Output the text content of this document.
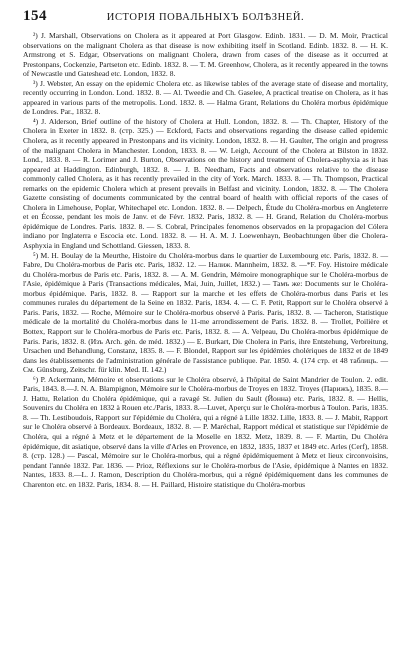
154	ИСТОРІЯ ПОВАЛЬНЫХЪ БОЛѢЗНЕЙ.

²) J. Marshall, Observations on Cholera as it appeared at Port Glasgow. Edinb. 1831. — D. M. Moir, Practical observations on the malignant Cholera as that disease is now exhibiting itself in Scotland. Edinb. 1832. 8. — H. K. Armstrong et S. Edgar, Observations on malignant Cholera, drawn from cases of the disease as it occurred at Prestonpans, Cockenzie, Partseton etc. Edinb. 1832. 8. — T. M. Greenhow, Cholera, as it recently appeared in the towns of Newcastle und Gateshead etc. London, 1832. 8.

³) J. Webster, An essay on the epidemic Cholera etc. as likewise tables of the average state of disease and mortality, recently occurring in London. Lond. 1832. 8. — Al. Tweedie and Ch. Gaselee, A practical treatise on Cholera, as it has appeared in various parts of the metropolis. Lond. 1832. 8. — Halma Grant, Relations du Choléra morbus épidémique de Londres. Par., 1832. 8.

⁴) J. Alderson, Brief outline of the history of Cholera at Hull. London, 1832. 8. — Th. Chapter, History of the Cholera in Exeter in 1832. 8. (стр. 325.) — Eckford, Facts and observations regarding the disease called epidemic Cholera, as it recently appeared in Prestonpans and its vicinity. London, 1832. 8. — H. Gaulter, The origin and progress of the malignant Cholera in Manchester. London, 1833. 8. — W. Leigh, Account of the Cholera at Bilston in 1832. Lond., 1833. 8. — R. Lorimer and J. Burton, Observations on the history and treatment of Cholera-asphyxia as it has appeared at Haddington. Edinburgh, 1832. 8. — J. B. Needham, Facts and observations relative to the disease commonly called Cholera, as it has recently prevailed in the city of York. March. 1833. 8. — Th. Thompson, Practical remarks on the epidemic Cholera which at present prevails in Belfast and vicinity. London, 1832. 8. — The Cholera Gazette consisting of documents communicated by the central board of health with official reports of the cases of Cholera in Limehouse, Poplar, Whitechapel etc. London. 1832. 8. — Delpech, Étude du Choléra-morbus en Angleterre et en Écosse, pendant les mois de Janv. et de Févr. 1832. Paris, 1832. 8. — H. Grand, Relation du Choléra-morbus épidémique de Londres. Paris. 1832. 8. — S. Cobral, Principales fenomenos observados en la propagacion del Cólera indiano por Inglaterra e Escocia etc. Lond. 1832. 8. — H. A. M. J. Loewenhayn, Beobachtungen über die Cholera-Asphyxia in England und Schottland. Giessen, 1833. 8.

⁵) M. H. Boulay de la Meurthe, Histoire du Choléra-morbus dans le quartier de Luxembourg etc. Paris, 1832. 8. —Fabre, Du Choléra-morbus de Paris etc. Paris, 1832. 12. — Налиж. Mannheim, 1832. 8. —*F. Foy. Histoire médicale du Choléra-morbus de Paris etc. Paris, 1832. 8. — A. M. Gendrin, Mémoire monographique sur le Choléra-morbus de l'Asie, épidémique à Paris (Transactions médicales, Mai, Juin, Juillet, 1832.) — Тамъ же: Documents sur le Choléra-morbus épidémique. Paris, 1832. 8. — Rapport sur la marche et les effets de Choléra-morbus dans Paris et les communes rurales du département de la Seine en 1832. Paris, 1834. 4. — C. F. Petit, Rapport sur le Choléra observé à Paris. Paris, 1832. — Roche, Mémoire sur le Choléra-morbus observé à Paris. Paris, 1832. 8. — Tacheron, Statistique médicale de la mortalité du Choléra-morbus dans le 11-me arrondissement de Paris. 1832. 8. — Trollet, Poilière et Bottex, Rapport sur le Choléra-morbus de Paris etc. Paris, 1832. 8. — A. Velpeau, Du Choléra-morbus épidémique de Paris. Paris, 1832. 8. (Изъ Arch. gén. de méd. 1832.) — E. Burkart, Die Cholera in Paris, ihre Entstehung, Verbreitung, Ursachen und Behandlung, Constanz, 1835. 8. — F. Blondel, Rapport sur les épidémies cholériques de 1832 et de 1849 dans les établissements de l'administration générale de l'assistance publique. Par. 1850. 4. (174 стр. et 48 таблицъ. — См. Günsburg, Zeitschr. für klin. Med. II. 142.)

⁶) P. Ackermann, Mémoire et observations sur le Choléra observé, à l'hôpital de Saint Mandrier de Toulon. 2. edit. Paris, 1843. 8.—J. N. A. Blampignon, Mémoire sur le Choléra-morbus de Troyes en 1832. Troyes (Парижъ), 1835. 8.—J. Hattu, Relation du Choléra épidémique, qui a ravagé St. Julien du Sault (Йонна) etc. Paris, 1832. 8. — Hellis, Souvenirs du Choléra en 1832 à Rouen etc./Paris, 1833. 8.—Luvet, Aperçu sur le Choléra-morbus à Toulon. Paris, 1835. 8. — Th. Lestiboudois, Rapport sur l'épidémie du Choléra, qui a régné à Lille 1832. Lille, 1833. 8. — J. Mabit, Rapport sur le Choléra observé à Bordeaux. Bordeaux, 1832. 8. — P. Maréchal, Rapport médical et statistique sur l'épidémie de Choléra, qui a régné à Metz et le département de la Moselle en 1832. Metz, 1839. 8. — F. Martin, Du Choléra épidémique, dit asiatique, observé dans la ville d'Arles en Provence, en 1832, 1835, 1837 et 1849 etc. Arles (Cerf), 1858. 8. (стр. 128.) — Pascal, Mémoire sur le Choléra-morbus, qui a régné épidémiquement à Metz et lieux circonvoisins, pendant l'année 1832. Par. 1836. — Prioz, Réflexions sur le Choléra-morbus de l'Asie, épidémique à Nantes en 1832. Nantes, 1833. 8.—L. J. Ramon, Description du Choléra-morbus, qui a régné épidémiquement dans les communes de Charenton etc. en 1832. Paris, 1834. 8. — H. Paillard, Histoire statistique du Choléra-morbus
